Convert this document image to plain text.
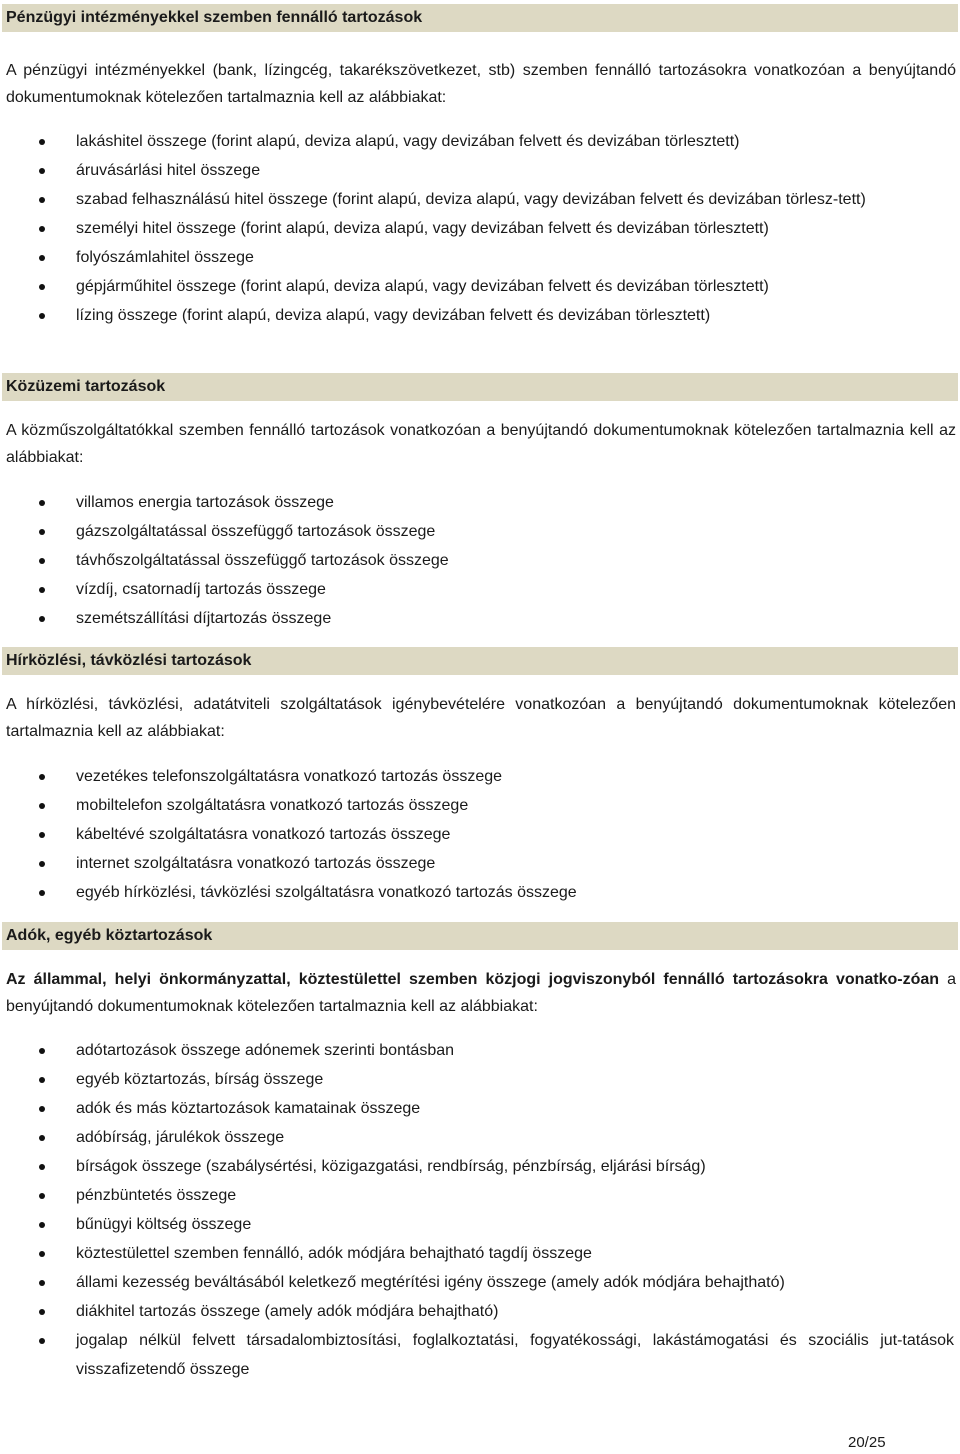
Pénzügyi intézményekkel szemben fennálló tartozások
A pénzügyi intézményekkel (bank, lízingcég, takarékszövetkezet, stb) szemben fennálló tartozásokra vonatkozóan a benyújtandó dokumentumoknak kötelezően tartalmaznia kell az alábbiakat:
lakáshitel összege (forint alapú, deviza alapú, vagy devizában felvett és devizában törlesztett)
áruvásárlási hitel összege
szabad felhasználású hitel összege (forint alapú, deviza alapú, vagy devizában felvett és devizában törlesz-tett)
személyi hitel összege (forint alapú, deviza alapú, vagy devizában felvett és devizában törlesztett)
folyószámlahitel összege
gépjárműhitel összege (forint alapú, deviza alapú, vagy devizában felvett és devizában törlesztett)
lízing összege (forint alapú, deviza alapú, vagy devizában felvett és devizában törlesztett)
Közüzemi tartozások
A közműszolgáltatókkal szemben fennálló tartozások vonatkozóan a benyújtandó dokumentumoknak kötelezően tartalmaznia kell az alábbiakat:
villamos energia tartozások összege
gázszolgáltatással összefüggő tartozások összege
távhőszolgáltatással összefüggő tartozások összege
vízdíj, csatornadíj tartozás összege
szemétszállítási díjtartozás összege
Hírközlési, távközlési tartozások
A hírközlési, távközlési, adatátviteli szolgáltatások igénybevételére vonatkozóan a benyújtandó dokumentumoknak kötelezően tartalmaznia kell az alábbiakat:
vezetékes telefonszolgáltatásra vonatkozó tartozás összege
mobiltelefon szolgáltatásra vonatkozó tartozás összege
kábeltévé szolgáltatásra vonatkozó tartozás összege
internet szolgáltatásra vonatkozó tartozás összege
egyéb hírközlési, távközlési szolgáltatásra vonatkozó tartozás összege
Adók, egyéb köztartozások
Az állammal, helyi önkormányzattal, köztestülettel szemben közjogi jogviszonyból fennálló tartozásokra vonatko-zóan a benyújtandó dokumentumoknak kötelezően tartalmaznia kell az alábbiakat:
adótartozások összege adónemek szerinti bontásban
egyéb köztartozás, bírság összege
adók és más köztartozások kamatainak összege
adóbírság, járulékok összege
bírságok összege (szabálysértési, közigazgatási, rendbírság, pénzbírság, eljárási bírság)
pénzbüntetés összege
bűnügyi költség összege
köztestülettel szemben fennálló, adók módjára behajtható tagdíj összege
állami kezesség beváltásából keletkező megtérítési igény összege (amely adók módjára behajtható)
diákhitel tartozás összege (amely adók módjára behajtható)
jogalap nélkül felvett társadalombiztosítási, foglalkoztatási, fogyatékossági, lakástámogatási és szociális jut-tatások visszafizetendő összege
20/25
